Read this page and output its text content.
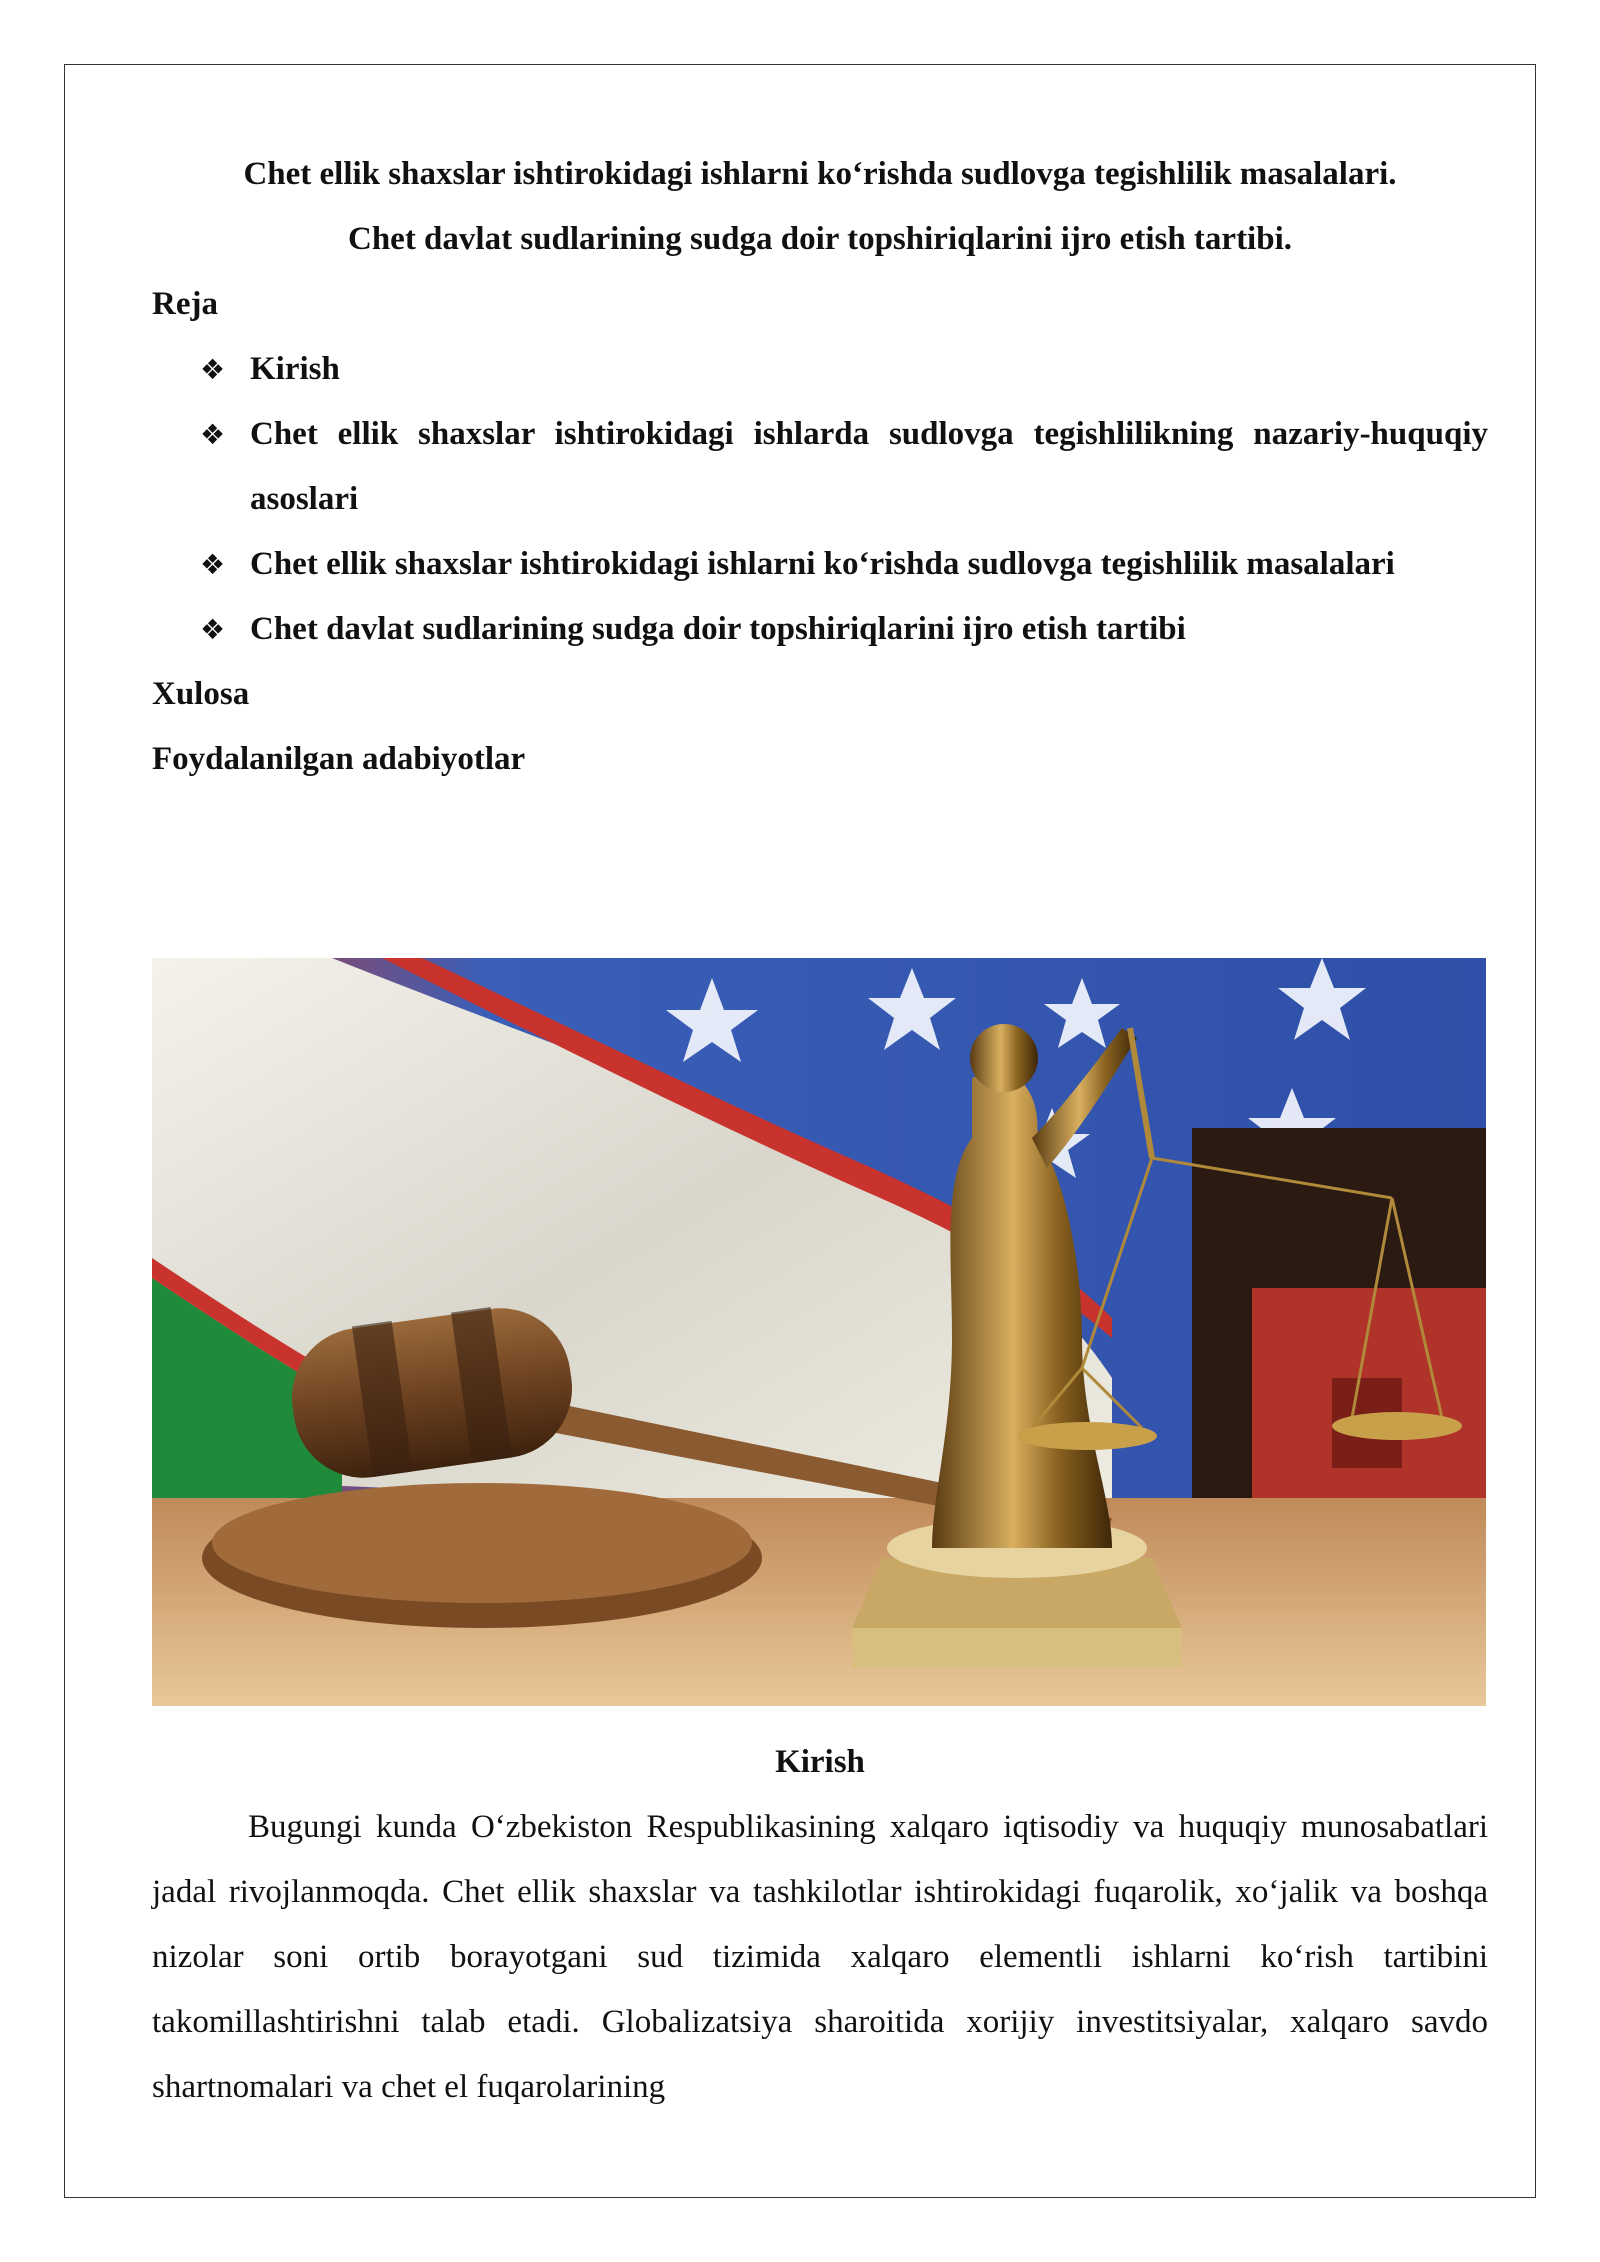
Chet ellik shaxslar ishtirokidagi ishlarni ko‘rishda sudlovga tegishlilik masalalari.

Chet davlat sudlarining sudga doir topshiriqlarini ijro etish tartibi.

Reja

❖ Kirish
❖ Chet ellik shaxslar ishtirokidagi ishlarda sudlovga tegishlilikning nazariy-huquqiy asoslari
❖ Chet ellik shaxslar ishtirokidagi ishlarni ko‘rishda sudlovga tegishlilik masalalari
❖ Chet davlat sudlarining sudga doir topshiriqlarini ijro etish tartibi

Xulosa

Foydalanilgan adabiyotlar

Kirish

Bugungi kunda O‘zbekiston Respublikasining xalqaro iqtisodiy va huquqiy munosabatlari jadal rivojlanmoqda. Chet ellik shaxslar va tashkilotlar ishtirokidagi fuqarolik, xo‘jalik va boshqa nizolar soni ortib borayotgani sud tizimida xalqaro elementli ishlarni ko‘rish tartibini takomillashtirishni talab etadi. Globalizatsiya sharoitida xorijiy investitsiyalar, xalqaro savdo shartnomalari va chet el fuqarolarining
